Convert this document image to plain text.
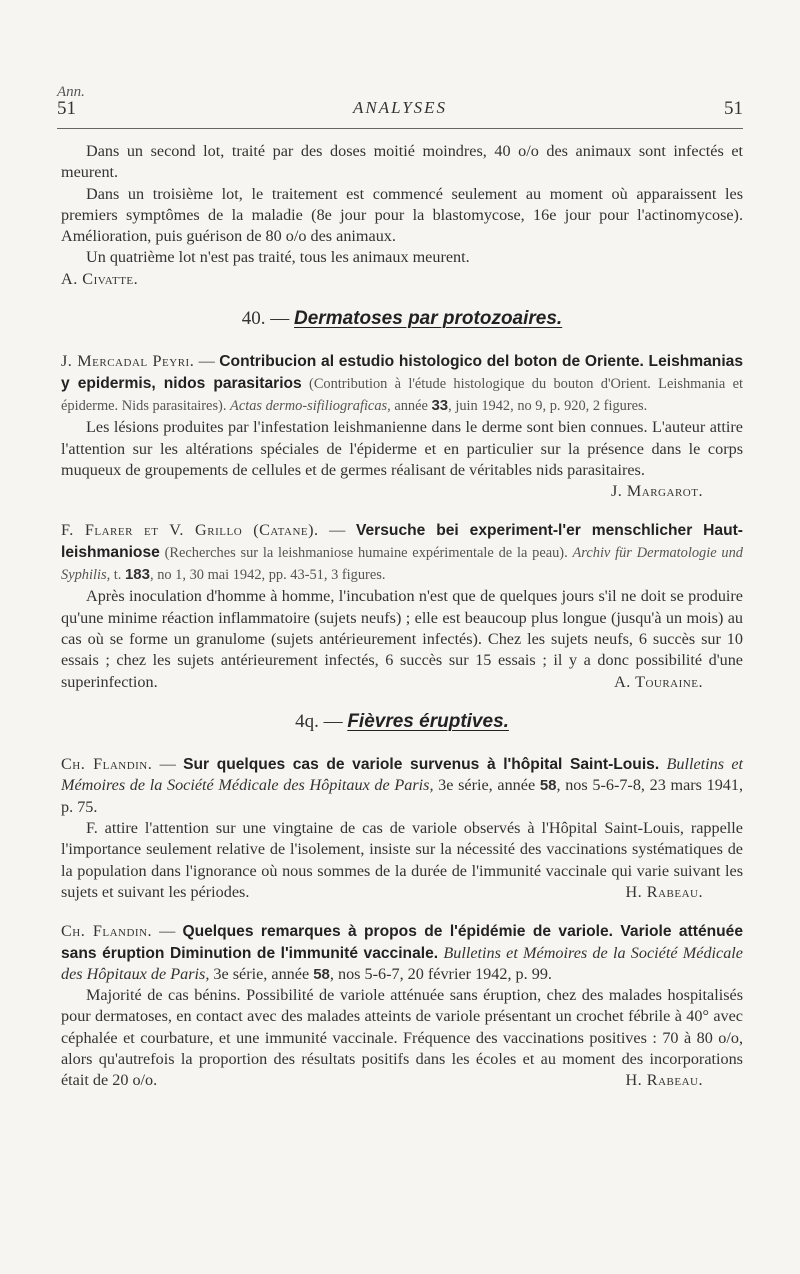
Ann.
51	ANALYSES	51

Dans un second lot, traité par des doses moitié moindres, 40 o/o des animaux sont infectés et meurent.

Dans un troisième lot, le traitement est commencé seulement au moment où apparaissent les premiers symptômes de la maladie (8e jour pour la blastomycose, 16e jour pour l'actinomycose). Amélioration, puis guérison de 80 o/o des animaux.

Un quatrième lot n'est pas traité, tous les animaux meurent.

A. Civatte.

40. — Dermatoses par protozoaires.

J. Mercadal Peyri. — Contribucion al estudio histologico del boton de Oriente. Leishmanias y epidermis, nidos parasitarios (Contribution à l'étude histologique du bouton d'Orient. Leishmania et épiderme. Nids parasitaires). Actas dermo-sifiliograficas, année 33, juin 1942, no 9, p. 920, 2 figures.

Les lésions produites par l'infestation leishmanienne dans le derme sont bien connues. L'auteur attire l'attention sur les altérations spéciales de l'épiderme et en particulier sur la présence dans le corps muqueux de groupements de cellules et de germes réalisant de véritables nids parasitaires.
J. Margarot.

F. Flarer et V. Grillo (Catane). — Versuche bei experiment-l'er menschlicher Haut-leishmaniose (Recherches sur la leishmaniose humaine expérimentale de la peau). Archiv für Dermatologie und Syphilis, t. 183, no 1, 30 mai 1942, pp. 43-51, 3 figures.

Après inoculation d'homme à homme, l'incubation n'est que de quelques jours s'il ne doit se produire qu'une minime réaction inflammatoire (sujets neufs) ; elle est beaucoup plus longue (jusqu'à un mois) au cas où se forme un granulome (sujets antérieurement infectés). Chez les sujets neufs, 6 succès sur 10 essais ; chez les sujets antérieurement infectés, 6 succès sur 15 essais ; il y a donc possibilité d'une superinfection.	A. Touraine.

4q. — Fièvres éruptives.

Ch. Flandin. — Sur quelques cas de variole survenus à l'hôpital Saint-Louis. Bulletins et Mémoires de la Société Médicale des Hôpitaux de Paris, 3e série, année 58, nos 5-6-7-8, 23 mars 1941, p. 75.

F. attire l'attention sur une vingtaine de cas de variole observés à l'Hôpital Saint-Louis, rappelle l'importance seulement relative de l'isolement, insiste sur la nécessité des vaccinations systématiques de la population dans l'ignorance où nous sommes de la durée de l'immunité vaccinale qui varie suivant les sujets et suivant les périodes.	H. Rabeau.

Ch. Flandin. — Quelques remarques à propos de l'épidémie de variole. Variole atténuée sans éruption Diminution de l'immunité vaccinale. Bulletins et Mémoires de la Société Médicale des Hôpitaux de Paris, 3e série, année 58, nos 5-6-7, 20 février 1942, p. 99.

Majorité de cas bénins. Possibilité de variole atténuée sans éruption, chez des malades hospitalisés pour dermatoses, en contact avec des malades atteints de variole présentant un crochet fébrile à 40° avec céphalée et courbature, et une immunité vaccinale. Fréquence des vaccinations positives : 70 à 80 o/o, alors qu'autrefois la proportion des résultats positifs dans les écoles et au moment des incorporations était de 20 o/o.	H. Rabeau.
